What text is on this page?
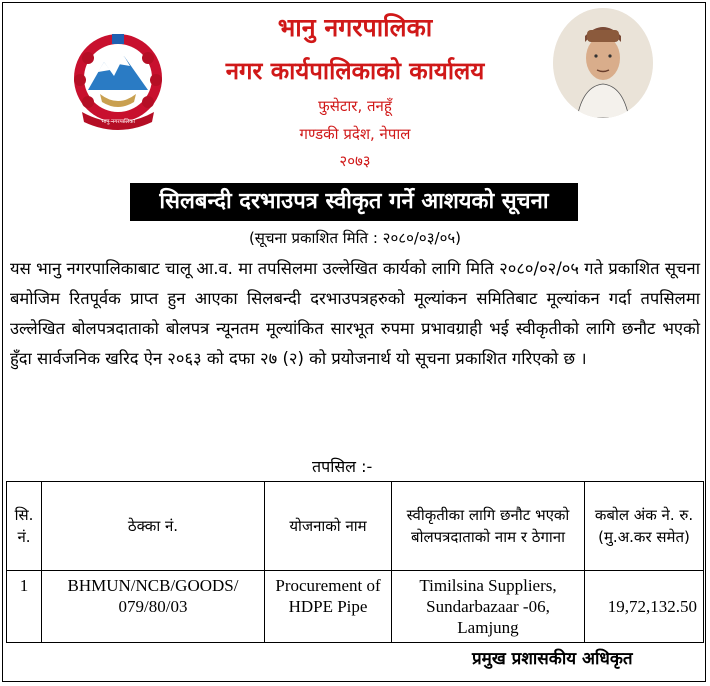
भानु नगरपालिका
भानु नगरपालिका
नगर कार्यपालिकाको कार्यालय
फुसेटार, तनहूँ
गण्डकी प्रदेश, नेपाल
२०७३
सिलबन्दी दरभाउपत्र स्वीकृत गर्ने आशयको सूचना
(सूचना प्रकाशित मिति : २०८०/०३/०५)
यस भानु नगरपालिकाबाट चालू आ.व. मा तपसिलमा उल्लेखित कार्यको लागि मिति २०८०/०२/०५ गते प्रकाशित सूचना बमोजिम रितपूर्वक प्राप्त हुन आएका सिलबन्दी दरभाउपत्रहरुको मूल्यांकन समितिबाट मूल्यांकन गर्दा तपसिलमा उल्लेखित बोलपत्रदाताको बोलपत्र न्यूनतम मूल्यांकित सारभूत रुपमा प्रभावग्राही भई स्वीकृतीको लागि छनौट भएको हुँदा सार्वजनिक खरिद ऐन २०६३ को दफा २७ (२) को प्रयोजनार्थ यो सूचना प्रकाशित गरिएको छ ।
तपसिल :-
सि. नं.	ठेक्का नं.	योजनाको नाम	स्वीकृतीका लागि छनौट भएको बोलपत्रदाताको नाम र ठेगाना	कबोल अंक ने. रु. (मु.अ.कर समेत)
1	BHMUN/NCB/GOODS/ 079/80/03	Procurement of HDPE Pipe	Timilsina Suppliers, Sundarbazaar -06, Lamjung	19,72,132.50
प्रमुख प्रशासकीय अधिकृत
